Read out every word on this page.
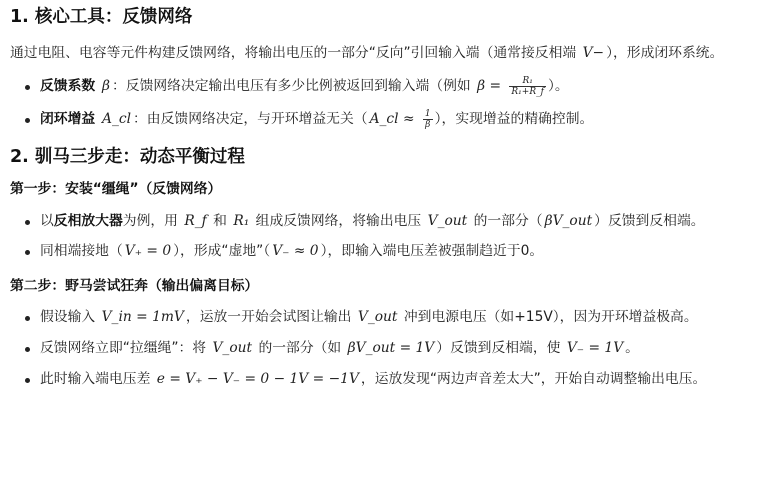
1. 核心工具：反馈网络

通过电阻、电容等元件构建反馈网络，将输出电压的一部分“反向”引回输入端（通常接反相端 V− ），形成闭环系统。

反馈系数 β ：反馈网络决定输出电压有多少比例被返回到输入端（例如 $\beta = \frac{\text{R₁}}{\text{R₁+R\_f}}$ ）。
闭环增益 A_cl ：由反馈网络决定，与开环增益无关（ A_cl ≈ $\frac{1}{\beta}$ ），实现增益的精确控制。
2. 驯马三步走：动态平衡过程
第一步：安装“缰绳”（反馈网络）
以反相放大器为例，用 R_f 和 R₁ 组成反馈网络，将输出电压 V_out 的一部分（ βV_out ）反馈到反相端。
同相端接地（ V₊ = 0 ），形成“虚地”（ V₋ ≈ 0 ），即输入端电压差被强制趋近于0。
第二步：野马尝试狂奔（输出偏离目标）
假设输入 V_in = 1mV ，运放一开始会试图让输出 V_out 冲到电源电压（如+15V），因为开环增益极高。
反馈网络立即“拉缰绳”：将 V_out 的一部分（如 βV_out = 1V ）反馈到反相端，使 V₋ = 1V 。
此时输入端电压差 e = V₊ − V₋ = 0 − 1V = −1V ，运放发现“两边声音差太大”，开始自动调整输出电压。
